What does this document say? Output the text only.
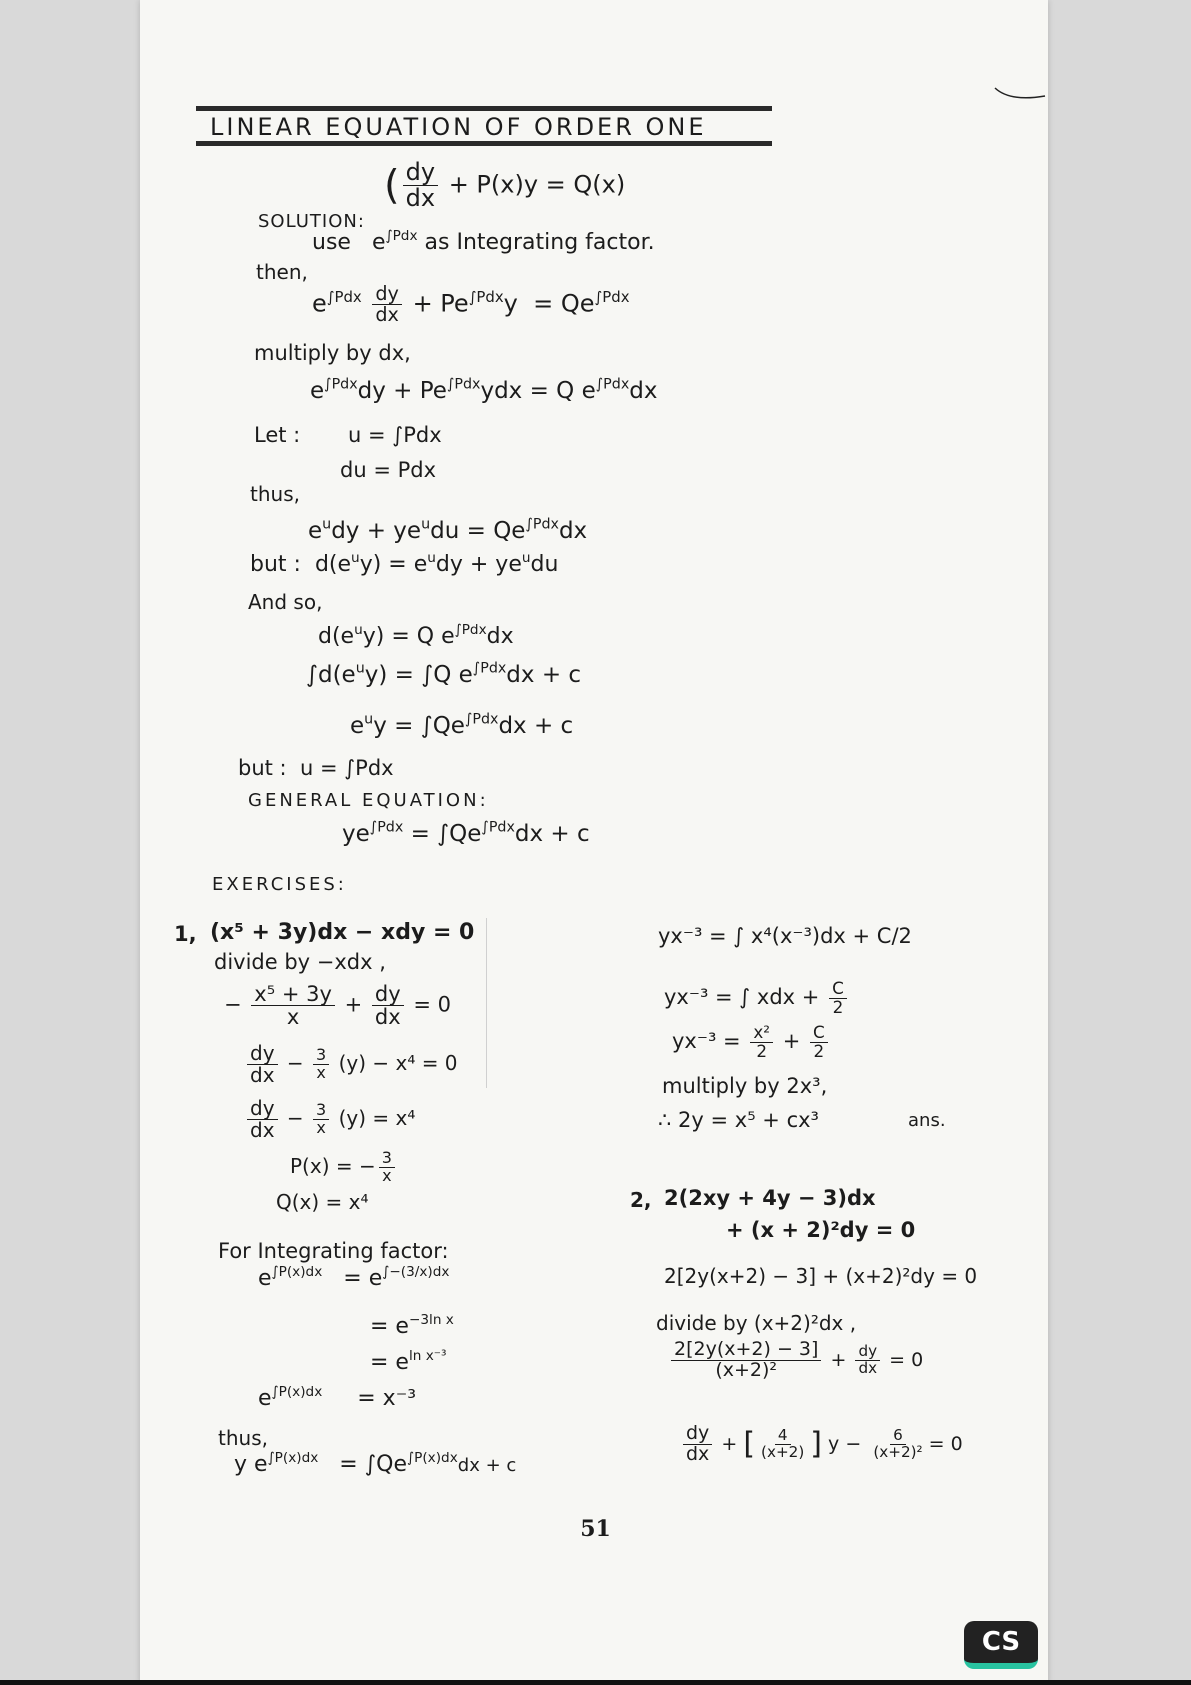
LINEAR EQUATION OF ORDER ONE
( $\frac{dy}{dx} + P(x)y = Q(x)$
SOLUTION:
use $e^{\int Pdx}$ as Integrating factor.
then,
$e^{\int Pdx} \frac{dy}{dx} + Pe^{\int Pdx}y = Qe^{\int Pdx}$
multiply by dx,
$e^{\int Pdx}dy + Pe^{\int Pdx}ydx = Q$ $e^{\int Pdx}dx$
Let : u = ∫Pdx
du = Pdx
thus,
$e^udy + ye^udu = Qe^{\int Pdx}dx$
but : $d(e^uy) = e^udy + ye^udu$
And so,
$d(e^uy) = Q$ $e^{\int Pdx}dx$
$\int d(e^uy) = \int Q$ $e^{\int Pdx}dx + c$
$e^uy = \int Qe^{\int Pdx}dx + c$
but : u = ∫Pdx
GENERAL EQUATION:
$ye^{\int Pdx} = \int Qe^{\int Pdx}dx + c$
EXERCISES:
1, (x⁵ + 3y)dx − xdy = 0
divide by −xdx ,
− $\frac{\text{x⁵ + 3y}}{x} + \frac{dy}{dx} = 0$
$\frac{dy}{dx} - \frac{3}{x} (y) - x^4 = 0$
$\frac{dy}{dx} - \frac{3}{x} (y) = x^4$
P(x) = − $\frac{3}{x}$
Q(x) = x⁴
For Integrating factor:
$e^{\int P(x)dx} = e^{\int-(3/x)dx}$
= $e^{-3ln x}$
= $e^{ln x^{-3}}$
$e^{\int P(x)dx} = x^{-3}$
thus,
y $e^{\int P(x)dx} = \int Qe^{\int P(x)dx}dx + c$
yx⁻³ = ∫ x⁴(x⁻³)dx + C/2
yx⁻³ = ∫ xdx + $\frac{C}{2}$
$yx^{-3} = \frac{\text{x²}}{2} + \frac{C}{2}$
multiply by 2x³,
∴ 2y = x⁵ + cx³	ans.
2, 2(2xy + 4y − 3)dx
+ (x + 2)²dy = 0
2[2y(x+2) − 3] + (x+2)²dy = 0
divide by (x+2)²dx ,
$\frac{2[2y(x+2) - 3]}{\text{(x+2)²}} + \frac{dy}{dx} = 0$
$\frac{dy}{dx}$ + [ $\frac{4}{(x+2)}$ ] $y - \frac{6}{\text{(x+2)²}} = 0$
51
CS
